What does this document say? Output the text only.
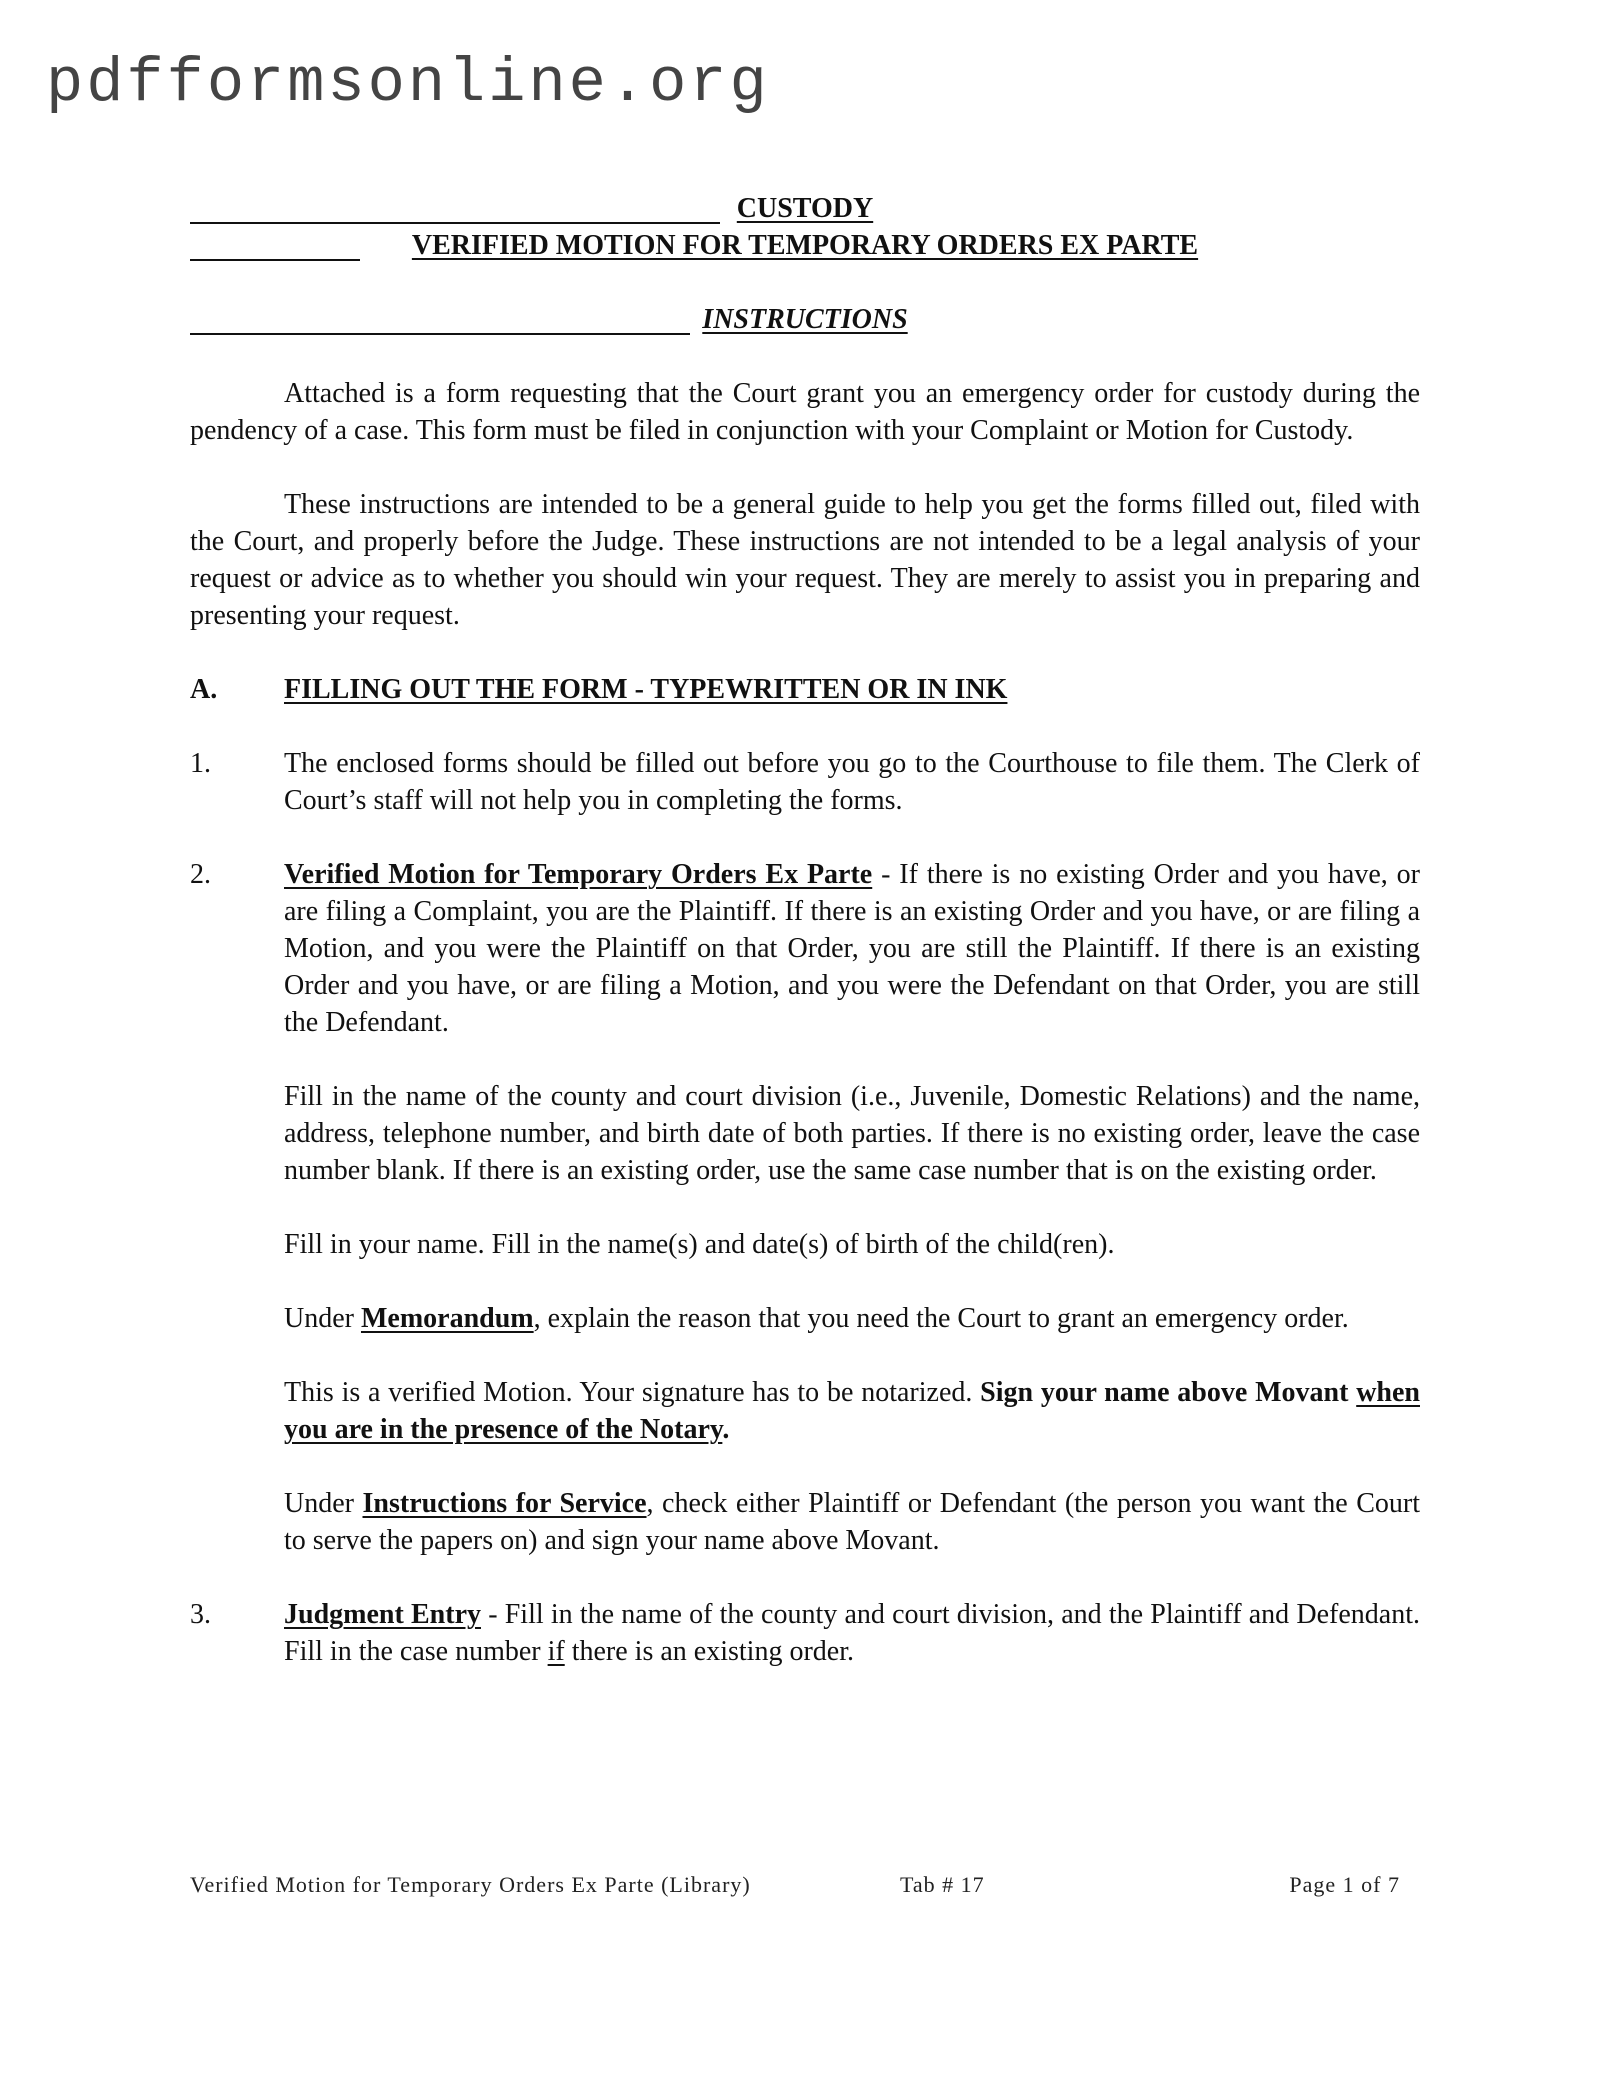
pdfformsonline.org
CUSTODY
VERIFIED MOTION FOR TEMPORARY ORDERS EX PARTE
INSTRUCTIONS

Attached is a form requesting that the Court grant you an emergency order for custody during the pendency of a case. This form must be filed in conjunction with your Complaint or Motion for Custody.

These instructions are intended to be a general guide to help you get the forms filled out, filed with the Court, and properly before the Judge. These instructions are not intended to be a legal analysis of your request or advice as to whether you should win your request. They are merely to assist you in preparing and presenting your request.

A.	FILLING OUT THE FORM - TYPEWRITTEN OR IN INK
1.	The enclosed forms should be filled out before you go to the Courthouse to file them. The Clerk of Court’s staff will not help you in completing the forms.

2.	Verified Motion for Temporary Orders Ex Parte - If there is no existing Order and you have, or are filing a Complaint, you are the Plaintiff. If there is an existing Order and you have, or are filing a Motion, and you were the Plaintiff on that Order, you are still the Plaintiff. If there is an existing Order and you have, or are filing a Motion, and you were the Defendant on that Order, you are still the Defendant.

Fill in the name of the county and court division (i.e., Juvenile, Domestic Relations) and the name, address, telephone number, and birth date of both parties. If there is no existing order, leave the case number blank. If there is an existing order, use the same case number that is on the existing order.

Fill in your name. Fill in the name(s) and date(s) of birth of the child(ren).

Under Memorandum, explain the reason that you need the Court to grant an emergency order.

This is a verified Motion. Your signature has to be notarized. Sign your name above Movant when you are in the presence of the Notary.

Under Instructions for Service, check either Plaintiff or Defendant (the person you want the Court to serve the papers on) and sign your name above Movant.

3.	Judgment Entry - Fill in the name of the county and court division, and the Plaintiff and Defendant. Fill in the case number if there is an existing order.

Verified Motion for Temporary Orders Ex Parte (Library)	Tab # 17	Page 1 of 7
